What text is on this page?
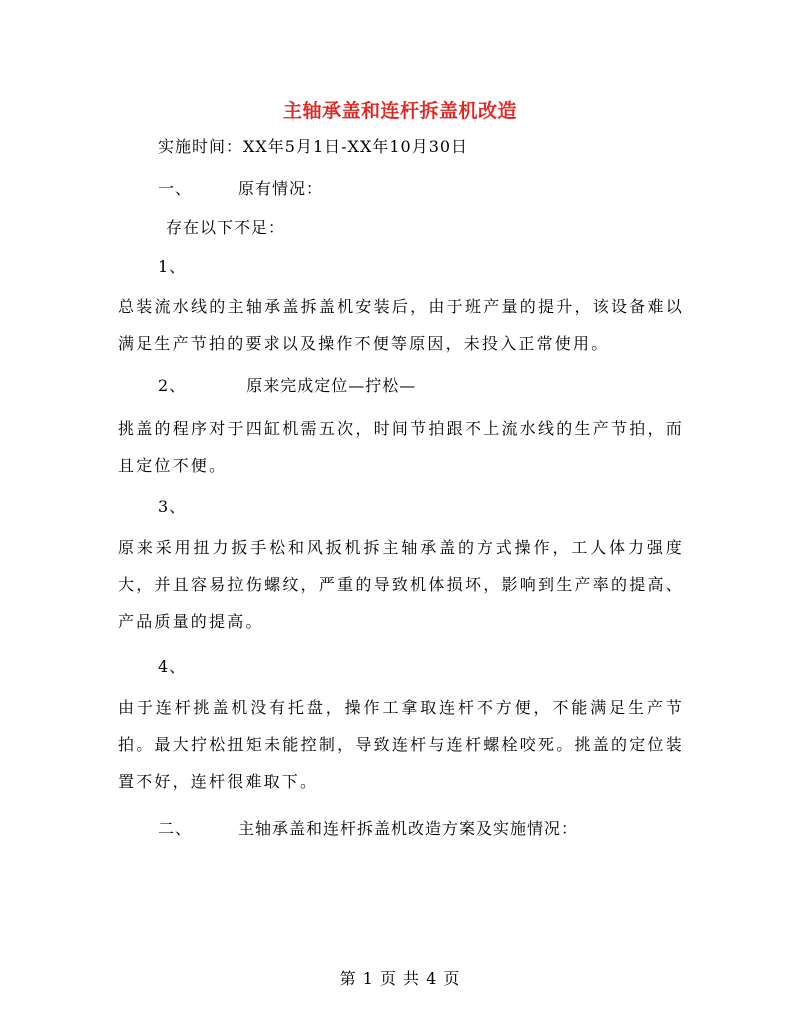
主轴承盖和连杆拆盖机改造
实施时间：XX年5月1日-XX年10月30日
一、	原有情况：
存在以下不足：
1、
总装流水线的主轴承盖拆盖机安装后，由于班产量的提升，该设备难以满足生产节拍的要求以及操作不便等原因，未投入正常使用。
2、	原来完成定位—拧松—
挑盖的程序对于四缸机需五次，时间节拍跟不上流水线的生产节拍，而且定位不便。
3、
原来采用扭力扳手松和风扳机拆主轴承盖的方式操作，工人体力强度大，并且容易拉伤螺纹，严重的导致机体损坏，影响到生产率的提高、产品质量的提高。
4、
由于连杆挑盖机没有托盘，操作工拿取连杆不方便，不能满足生产节拍。最大拧松扭矩未能控制，导致连杆与连杆螺栓咬死。挑盖的定位装置不好，连杆很难取下。
二、	主轴承盖和连杆拆盖机改造方案及实施情况：
第 1 页 共 4 页
